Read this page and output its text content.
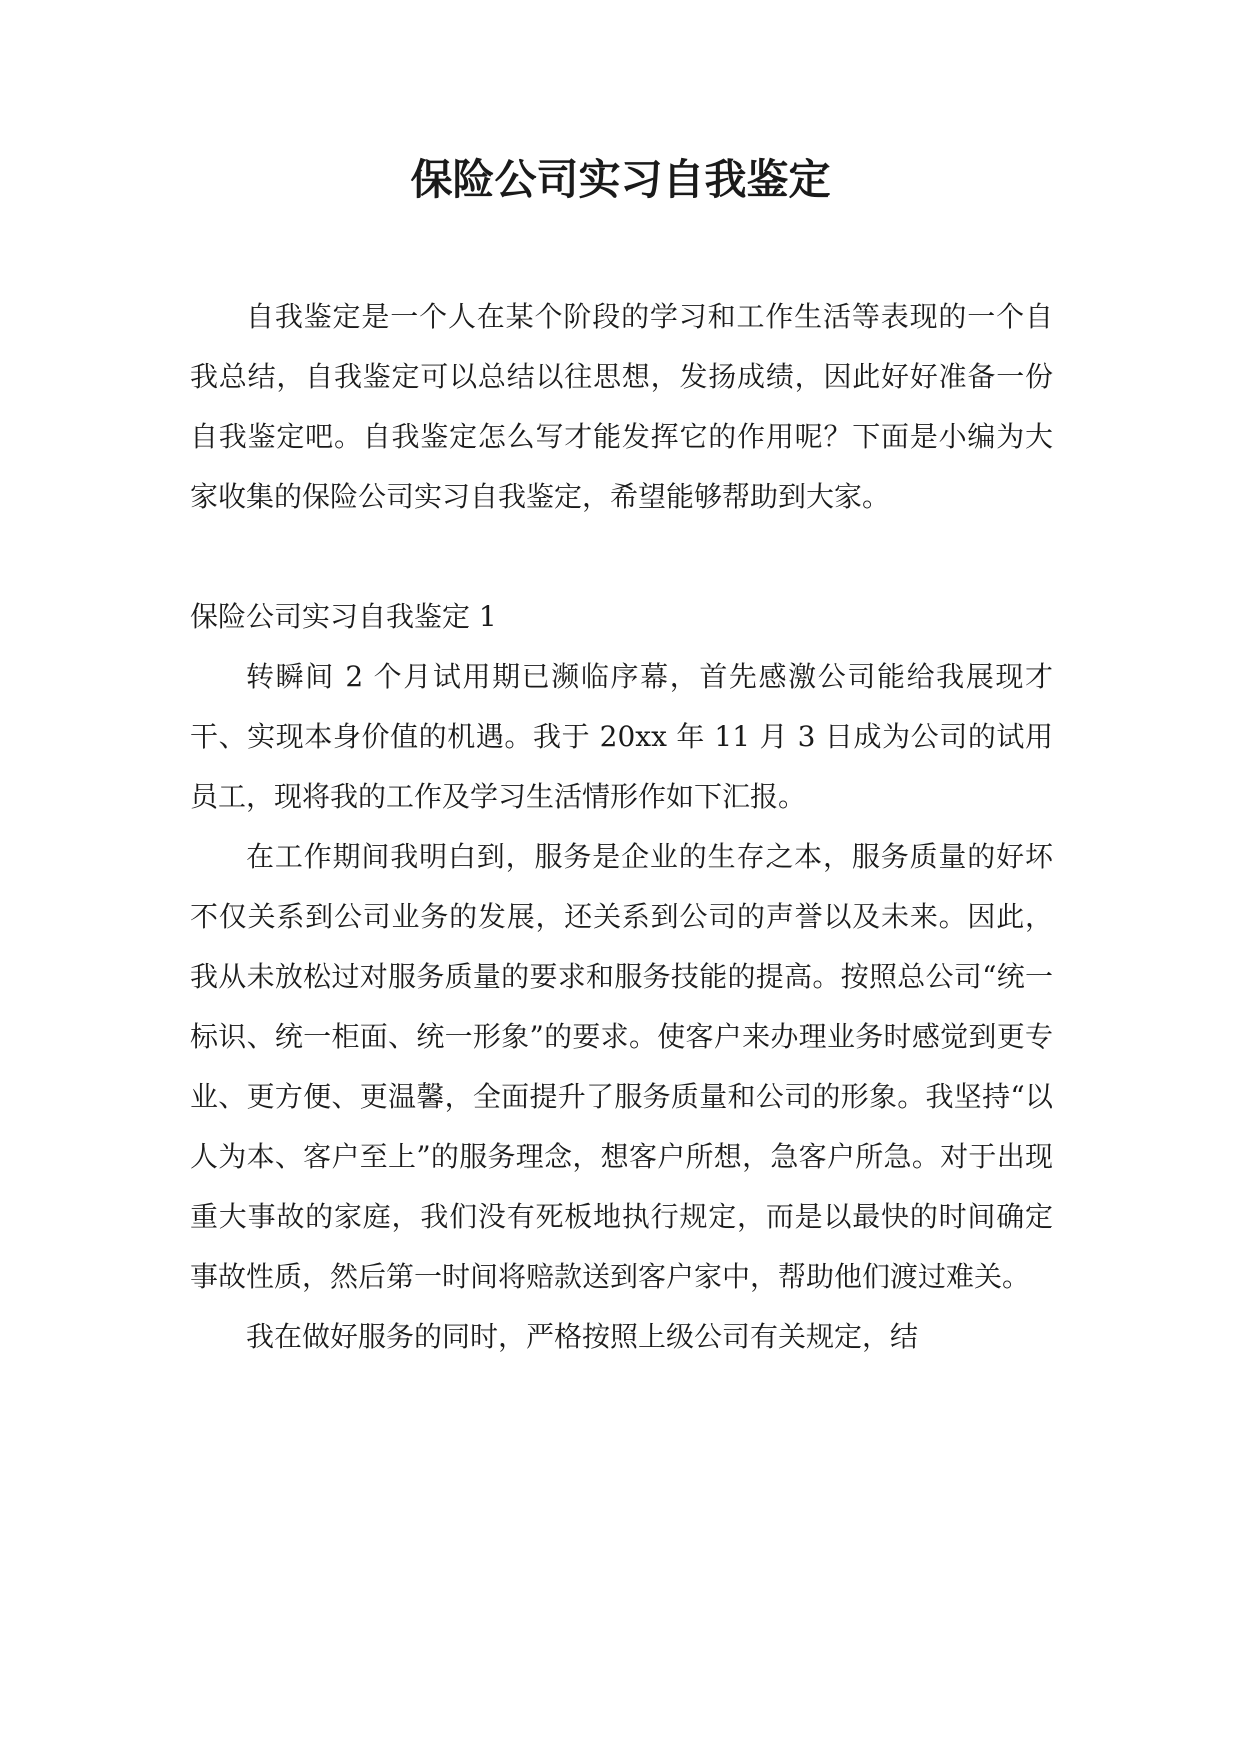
保险公司实习自我鉴定

自我鉴定是一个人在某个阶段的学习和工作生活等表现的一个自我总结，自我鉴定可以总结以往思想，发扬成绩，因此好好准备一份自我鉴定吧。自我鉴定怎么写才能发挥它的作用呢？下面是小编为大家收集的保险公司实习自我鉴定，希望能够帮助到大家。

保险公司实习自我鉴定 1

转瞬间 2 个月试用期已濒临序幕，首先感激公司能给我展现才干、实现本身价值的机遇。我于 20xx 年 11 月 3 日成为公司的试用员工，现将我的工作及学习生活情形作如下汇报。

在工作期间我明白到，服务是企业的生存之本，服务质量的好坏不仅关系到公司业务的发展，还关系到公司的声誉以及未来。因此，我从未放松过对服务质量的要求和服务技能的提高。按照总公司“统一标识、统一柜面、统一形象”的要求。使客户来办理业务时感觉到更专业、更方便、更温馨，全面提升了服务质量和公司的形象。我坚持“以人为本、客户至上”的服务理念，想客户所想，急客户所急。对于出现重大事故的家庭，我们没有死板地执行规定，而是以最快的时间确定事故性质，然后第一时间将赔款送到客户家中，帮助他们渡过难关。

我在做好服务的同时，严格按照上级公司有关规定，结
